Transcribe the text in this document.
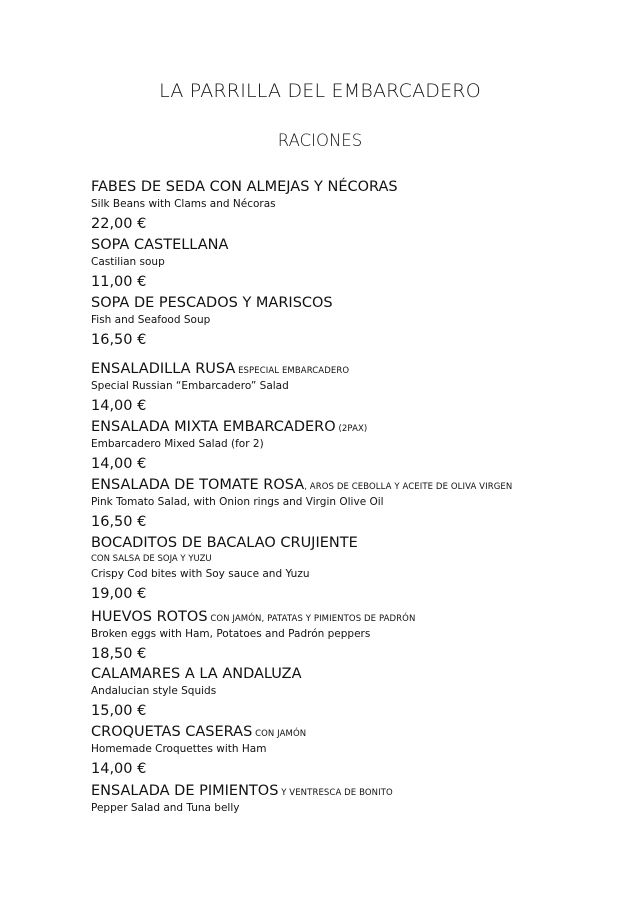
LA PARRILLA DEL EMBARCADERO
RACIONES
FABES DE SEDA CON ALMEJAS Y NÉCORAS
Silk Beans with Clams and Nécoras
22,00 €
SOPA CASTELLANA
Castilian soup
11,00 €
SOPA DE PESCADOS Y MARISCOS
Fish and Seafood Soup
16,50 €
ENSALADILLA RUSA ESPECIAL EMBARCADERO
Special Russian “Embarcadero” Salad
14,00 €
ENSALADA MIXTA EMBARCADERO (2PAX)
Embarcadero Mixed Salad (for 2)
14,00 €
ENSALADA DE TOMATE ROSA, AROS DE CEBOLLA Y ACEITE DE OLIVA VIRGEN
Pink Tomato Salad, with Onion rings and Virgin Olive Oil
16,50 €
BOCADITOS DE BACALAO CRUJIENTE
CON SALSA DE SOJA Y YUZU
Crispy Cod bites with Soy sauce and Yuzu
19,00 €
HUEVOS ROTOS CON JAMÓN, PATATAS Y PIMIENTOS DE PADRÓN
Broken eggs with Ham, Potatoes and Padrón peppers
18,50 €
CALAMARES A LA ANDALUZA
Andalucian style Squids
15,00 €
CROQUETAS CASERAS CON JAMÓN
Homemade Croquettes with Ham
14,00 €
ENSALADA DE PIMIENTOS Y VENTRESCA DE BONITO
Pepper Salad and Tuna belly
